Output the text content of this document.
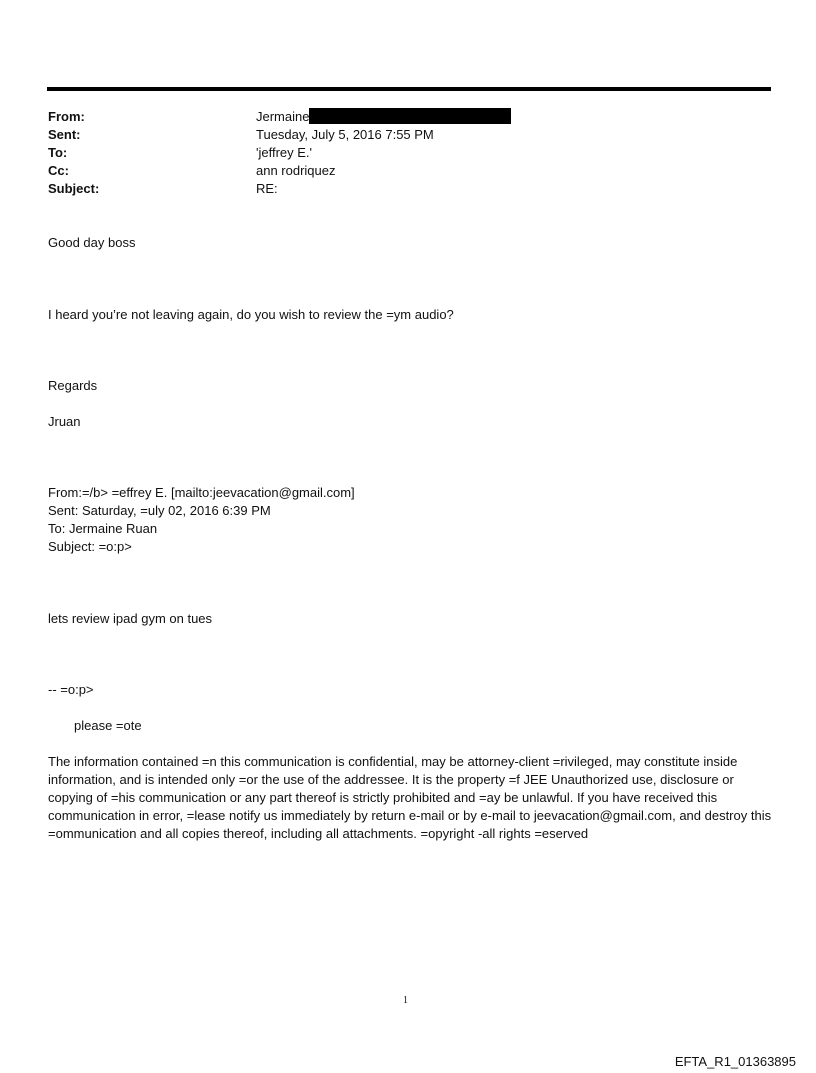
From:	Jermaine
Sent:	Tuesday, July 5, 2016 7:55 PM
To:	'jeffrey E.'
Cc:	ann rodriquez
Subject:	RE:
Good day boss
I heard you’re not leaving again, do you wish to review the =ym audio?
Regards
Jruan
From:=/b> =effrey E. [mailto:jeevacation@gmail.com]
Sent: Saturday, =uly 02, 2016 6:39 PM
To: Jermaine Ruan
Subject: =o:p>
lets review ipad gym on tues
-- =o:p>
please =ote
The information contained =n this communication is confidential, may be attorney-client =rivileged, may constitute inside information, and is intended only =or the use of the addressee. It is the property =f JEE Unauthorized use, disclosure or copying of =his communication or any part thereof is strictly prohibited and =ay be unlawful. If you have received this communication in error, =lease notify us immediately by return e-mail or by e-mail to jeevacation@gmail.com, and destroy this =ommunication and all copies thereof, including all attachments. =opyright -all rights =eserved
1
EFTA_R1_01363895
